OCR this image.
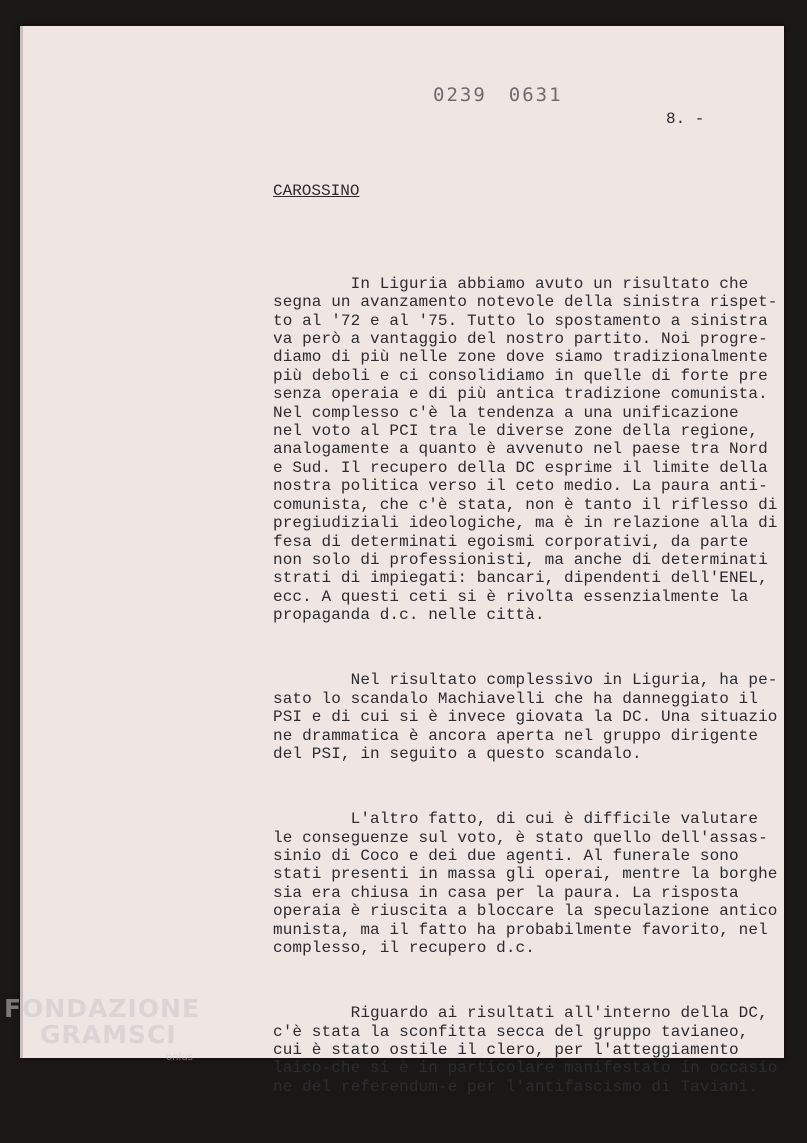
0239 0631
8. -
CAROSSINO

In Liguria abbiamo avuto un risultato che
segna un avanzamento notevole della sinistra rispet-
to al '72 e al '75. Tutto lo spostamento a sinistra
va però a vantaggio del nostro partito. Noi progre-
diamo di più nelle zone dove siamo tradizionalmente
più deboli e ci consolidiamo in quelle di forte pre
senza operaia e di più antica tradizione comunista.
Nel complesso c'è la tendenza a una unificazione
nel voto al PCI tra le diverse zone della regione,
analogamente a quanto è avvenuto nel paese tra Nord
e Sud. Il recupero della DC esprime il limite della
nostra politica verso il ceto medio. La paura anti-
comunista, che c'è stata, non è tanto il riflesso di
pregiudiziali ideologiche, ma è in relazione alla di
fesa di determinati egoismi corporativi, da parte
non solo di professionisti, ma anche di determinati
strati di impiegati: bancari, dipendenti dell'ENEL,
ecc. A questi ceti si è rivolta essenzialmente la
propaganda d.c. nelle città.

Nel risultato complessivo in Liguria, ha pe-
sato lo scandalo Machiavelli che ha danneggiato il
PSI e di cui si è invece giovata la DC. Una situazio
ne drammatica è ancora aperta nel gruppo dirigente
del PSI, in seguito a questo scandalo.

L'altro fatto, di cui è difficile valutare
le conseguenze sul voto, è stato quello dell'assas-
sinio di Coco e dei due agenti. Al funerale sono
stati presenti in massa gli operai, mentre la borghe
sia era chiusa in casa per la paura. La risposta
operaia è riuscita a bloccare la speculazione antico
munista, ma il fatto ha probabilmente favorito, nel
complesso, il recupero d.c.

Riguardo ai risultati all'interno della DC,
c'è stata la sconfitta secca del gruppo tavianeo,
cui è stato ostile il clero, per l'atteggiamento
laico-che si è in particolare manifestato in occasio
ne del referendum-e per l'antifascismo di Taviani.

FONDAZIONE
GRAMSCI
onlus
